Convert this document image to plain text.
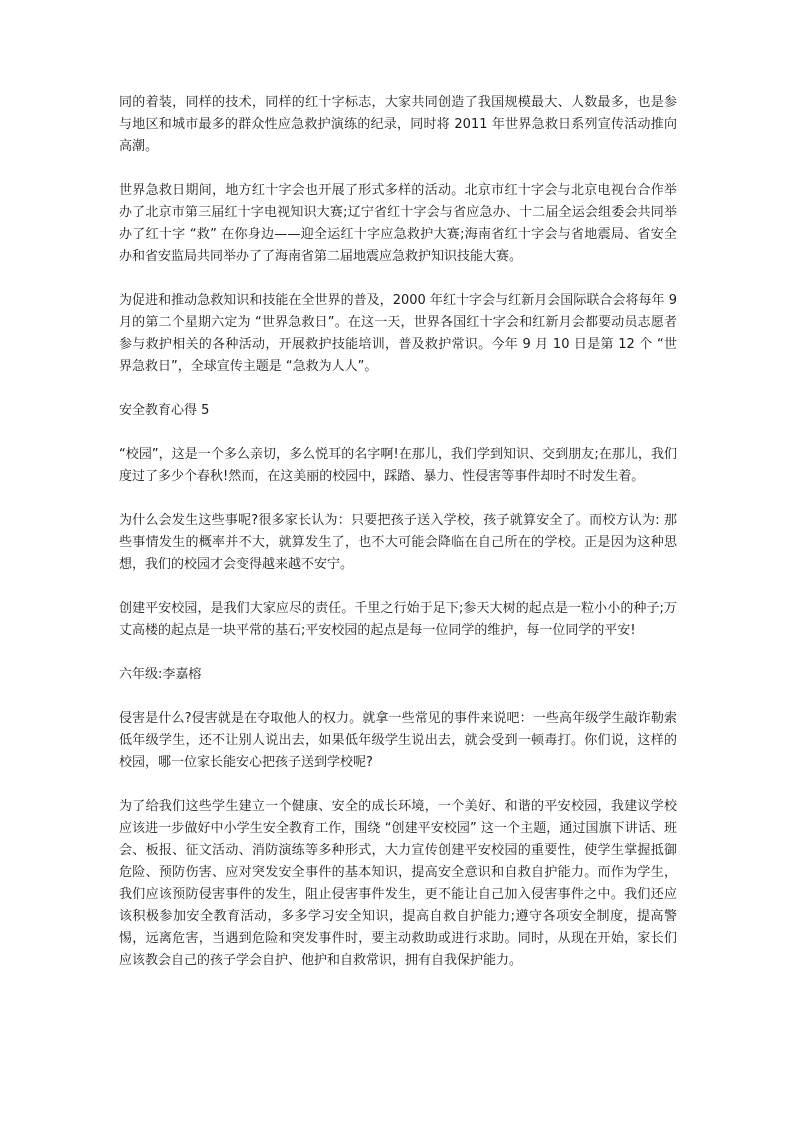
同的着装，同样的技术，同样的红十字标志，大家共同创造了我国规模最大、人数最多，也是参与地区和城市最多的群众性应急救护演练的纪录，同时将 2011 年世界急救日系列宣传活动推向高潮。

世界急救日期间，地方红十字会也开展了形式多样的活动。北京市红十字会与北京电视台合作举办了北京市第三届红十字电视知识大赛;辽宁省红十字会与省应急办、十二届全运会组委会共同举办了红十字 “救” 在你身边——迎全运红十字应急救护大赛;海南省红十字会与省地震局、省安全办和省安监局共同举办了了海南省第二届地震应急救护知识技能大赛。

为促进和推动急救知识和技能在全世界的普及，2000 年红十字会与红新月会国际联合会将每年 9 月的第二个星期六定为 “世界急救日”。在这一天，世界各国红十字会和红新月会都要动员志愿者参与救护相关的各种活动，开展救护技能培训，普及救护常识。今年 9 月 10 日是第 12 个 “世界急救日”，全球宣传主题是 “急救为人人”。

安全教育心得 5

“校园”，这是一个多么亲切，多么悦耳的名字啊!在那儿，我们学到知识、交到朋友;在那儿，我们度过了多少个春秋!然而，在这美丽的校园中，踩踏、暴力、性侵害等事件却时不时发生着。

为什么会发生这些事呢?很多家长认为：只要把孩子送入学校，孩子就算安全了。而校方认为: 那些事情发生的概率并不大，就算发生了，也不大可能会降临在自己所在的学校。正是因为这种思想，我们的校园才会变得越来越不安宁。

创建平安校园，是我们大家应尽的责任。千里之行始于足下;参天大树的起点是一粒小小的种子;万丈高楼的起点是一块平常的基石;平安校园的起点是每一位同学的维护，每一位同学的平安!

六年级:李嘉榕

侵害是什么?侵害就是在夺取他人的权力。就拿一些常见的事件来说吧：一些高年级学生敲诈勒索低年级学生，还不让别人说出去，如果低年级学生说出去，就会受到一顿毒打。你们说，这样的校园，哪一位家长能安心把孩子送到学校呢?

为了给我们这些学生建立一个健康、安全的成长环境，一个美好、和谐的平安校园，我建议学校应该进一步做好中小学生安全教育工作，围绕 “创建平安校园” 这一个主题，通过国旗下讲话、班会、板报、征文活动、消防演练等多种形式，大力宣传创建平安校园的重要性，使学生掌握抵御危险、预防伤害、应对突发安全事件的基本知识，提高安全意识和自救自护能力。而作为学生，我们应该预防侵害事件的发生，阻止侵害事件发生，更不能让自己加入侵害事件之中。我们还应该积极参加安全教育活动，多多学习安全知识，提高自救自护能力;遵守各项安全制度，提高警惕，远离危害，当遇到危险和突发事件时，要主动救助或进行求助。同时，从现在开始，家长们应该教会自己的孩子学会自护、他护和自救常识，拥有自我保护能力。
